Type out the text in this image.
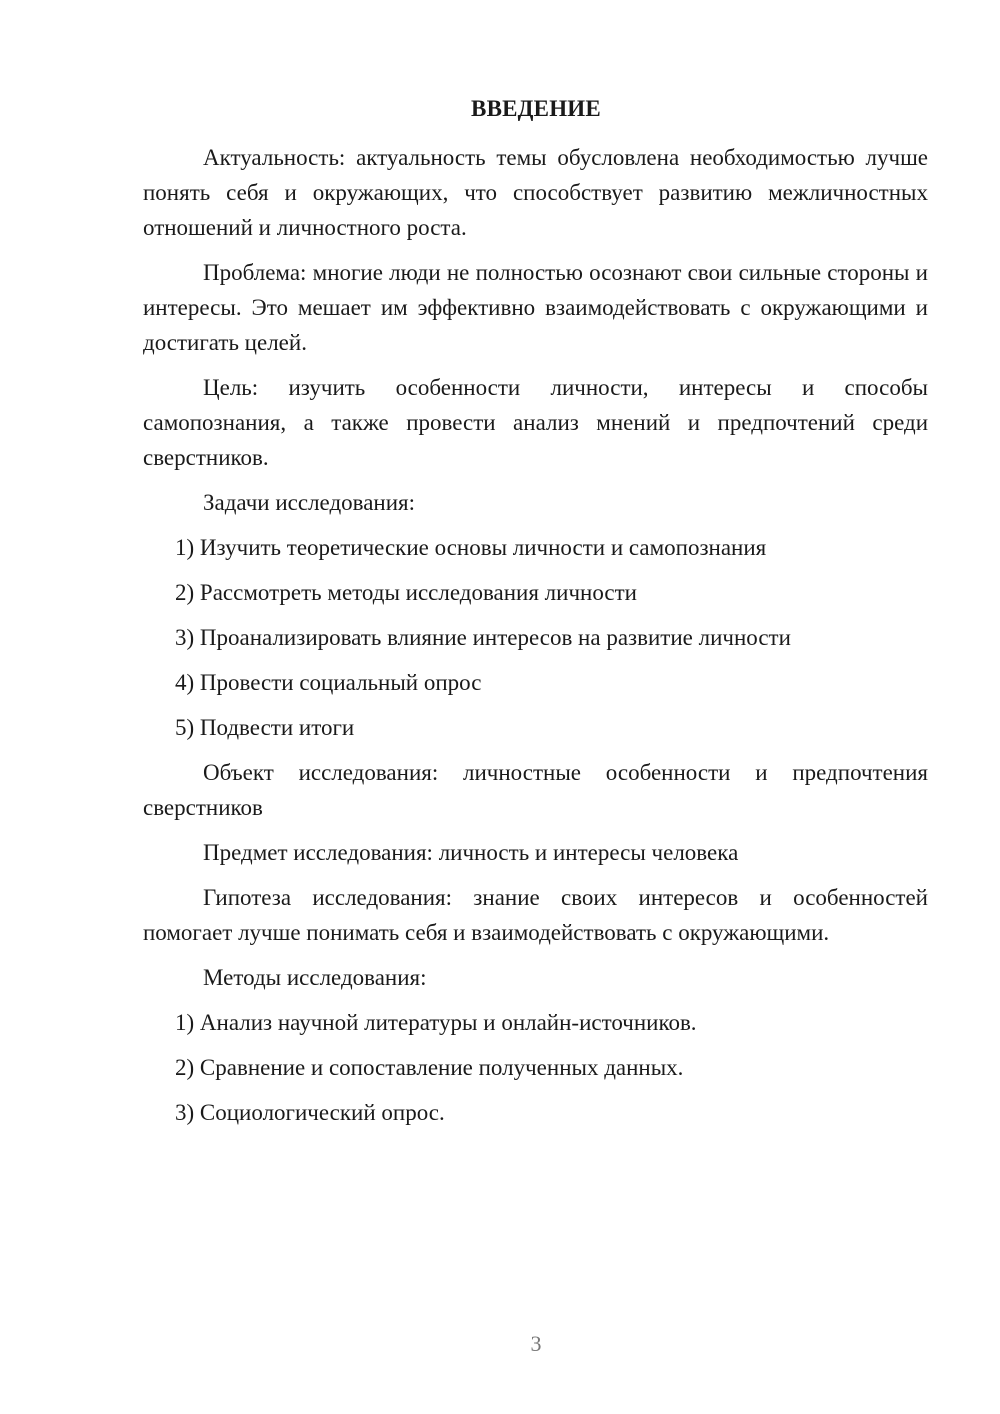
ВВЕДЕНИЕ

Актуальность: актуальность темы обусловлена необходимостью лучше понять себя и окружающих, что способствует развитию межличностных отношений и личностного роста.

Проблема: многие люди не полностью осознают свои сильные стороны и интересы. Это мешает им эффективно взаимодействовать с окружающими и достигать целей.

Цель: изучить особенности личности, интересы и способы самопознания, а также провести анализ мнений и предпочтений среди сверстников.

Задачи исследования:

1) Изучить теоретические основы личности и самопознания

2) Рассмотреть методы исследования личности

3) Проанализировать влияние интересов на развитие личности

4) Провести социальный опрос

5) Подвести итоги

Объект исследования: личностные особенности и предпочтения сверстников

Предмет исследования: личность и интересы человека

Гипотеза исследования: знание своих интересов и особенностей помогает лучше понимать себя и взаимодействовать с окружающими.

Методы исследования:

1) Анализ научной литературы и онлайн-источников.

2) Сравнение и сопоставление полученных данных.

3) Социологический опрос.

3
